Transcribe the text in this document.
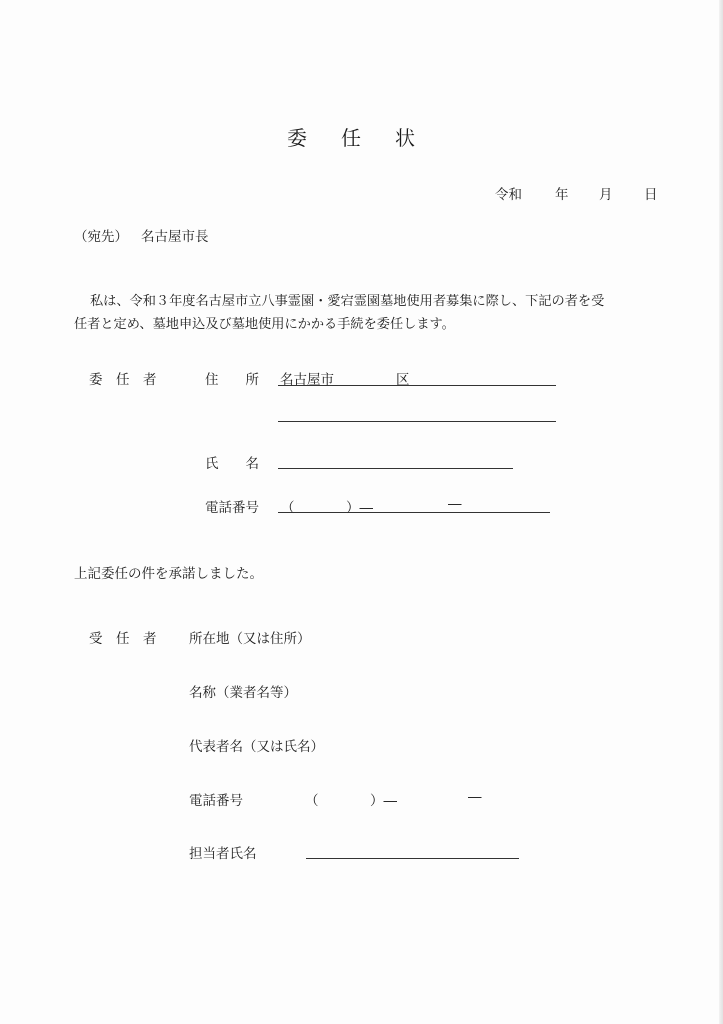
委 任 状
令和 年 月 日
（宛先） 名古屋市長
私は、令和３年度名古屋市立八事霊園・愛宕霊園墓地使用者募集に際し、下記の者を受
任者と定め、墓地申込及び墓地使用にかかる手続を委任します。
委　任　者	住　　所 名古屋市	区
氏　　名
電話番号 （	）―	―
上記委任の件を承諾しました。
受　任　者 所在地（又は住所）
名称（業者名等）
代表者名（又は氏名）
電話番号	（	）―	―
担当者氏名
